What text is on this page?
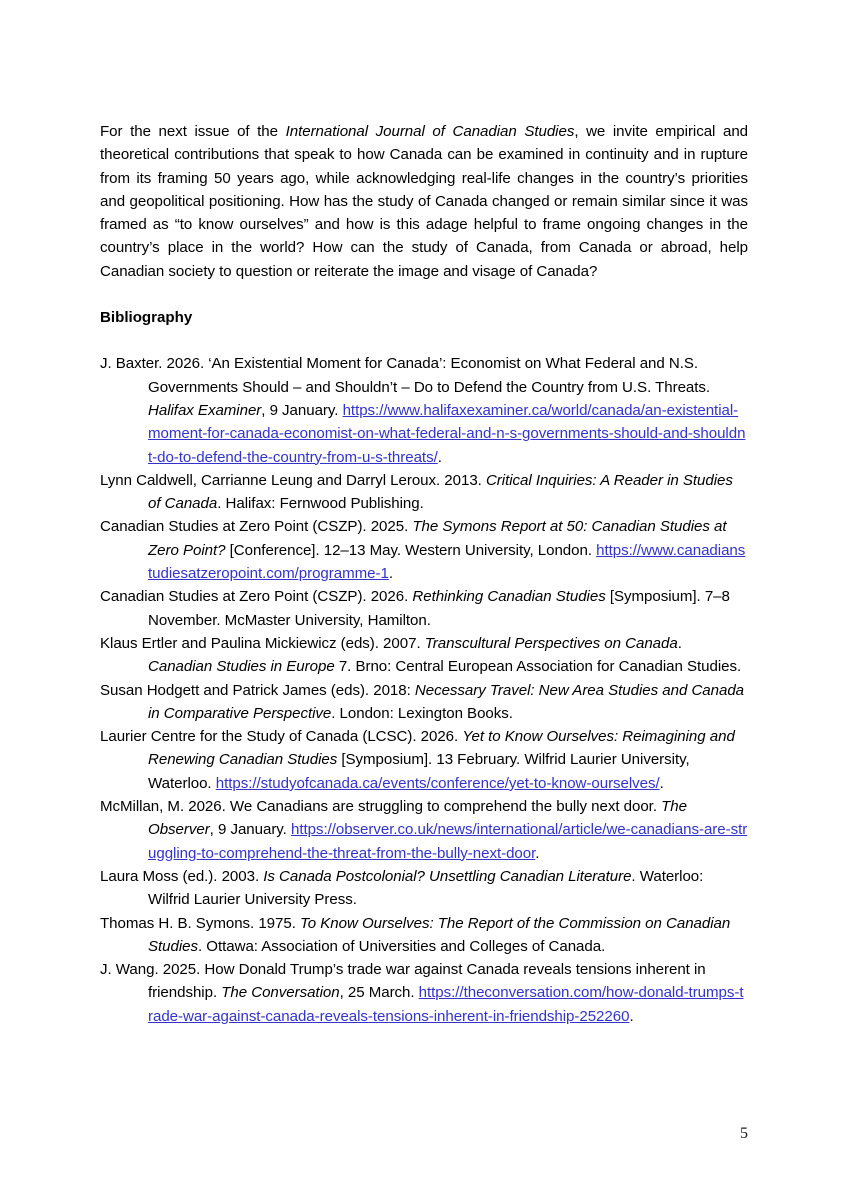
For the next issue of the International Journal of Canadian Studies, we invite empirical and theoretical contributions that speak to how Canada can be examined in continuity and in rupture from its framing 50 years ago, while acknowledging real-life changes in the country’s priorities and geopolitical positioning. How has the study of Canada changed or remain similar since it was framed as “to know ourselves” and how is this adage helpful to frame ongoing changes in the country’s place in the world? How can the study of Canada, from Canada or abroad, help Canadian society to question or reiterate the image and visage of Canada?

Bibliography

J. Baxter. 2026. ‘An Existential Moment for Canada’: Economist on What Federal and N.S. Governments Should – and Shouldn’t – Do to Defend the Country from U.S. Threats. Halifax Examiner, 9 January. https://www.halifaxexaminer.ca/world/canada/an-existential-moment-for-canada-economist-on-what-federal-and-n-s-governments-should-and-shouldnt-do-to-defend-the-country-from-u-s-threats/.

Lynn Caldwell, Carrianne Leung and Darryl Leroux. 2013. Critical Inquiries: A Reader in Studies of Canada. Halifax: Fernwood Publishing.

Canadian Studies at Zero Point (CSZP). 2025. The Symons Report at 50: Canadian Studies at Zero Point? [Conference]. 12–13 May. Western University, London. https://www.canadianstudiesatzeropoint.com/programme-1.

Canadian Studies at Zero Point (CSZP). 2026. Rethinking Canadian Studies [Symposium]. 7–8 November. McMaster University, Hamilton.

Klaus Ertler and Paulina Mickiewicz (eds). 2007. Transcultural Perspectives on Canada. Canadian Studies in Europe 7. Brno: Central European Association for Canadian Studies.

Susan Hodgett and Patrick James (eds). 2018: Necessary Travel: New Area Studies and Canada in Comparative Perspective. London: Lexington Books.

Laurier Centre for the Study of Canada (LCSC). 2026. Yet to Know Ourselves: Reimagining and Renewing Canadian Studies [Symposium]. 13 February. Wilfrid Laurier University, Waterloo. https://studyofcanada.ca/events/conference/yet-to-know-ourselves/.

McMillan, M. 2026. We Canadians are struggling to comprehend the bully next door. The Observer, 9 January. https://observer.co.uk/news/international/article/we-canadians-are-struggling-to-comprehend-the-threat-from-the-bully-next-door.

Laura Moss (ed.). 2003. Is Canada Postcolonial? Unsettling Canadian Literature. Waterloo: Wilfrid Laurier University Press.

Thomas H. B. Symons. 1975. To Know Ourselves: The Report of the Commission on Canadian Studies. Ottawa: Association of Universities and Colleges of Canada.

J. Wang. 2025. How Donald Trump’s trade war against Canada reveals tensions inherent in friendship. The Conversation, 25 March. https://theconversation.com/how-donald-trumps-trade-war-against-canada-reveals-tensions-inherent-in-friendship-252260.

5
